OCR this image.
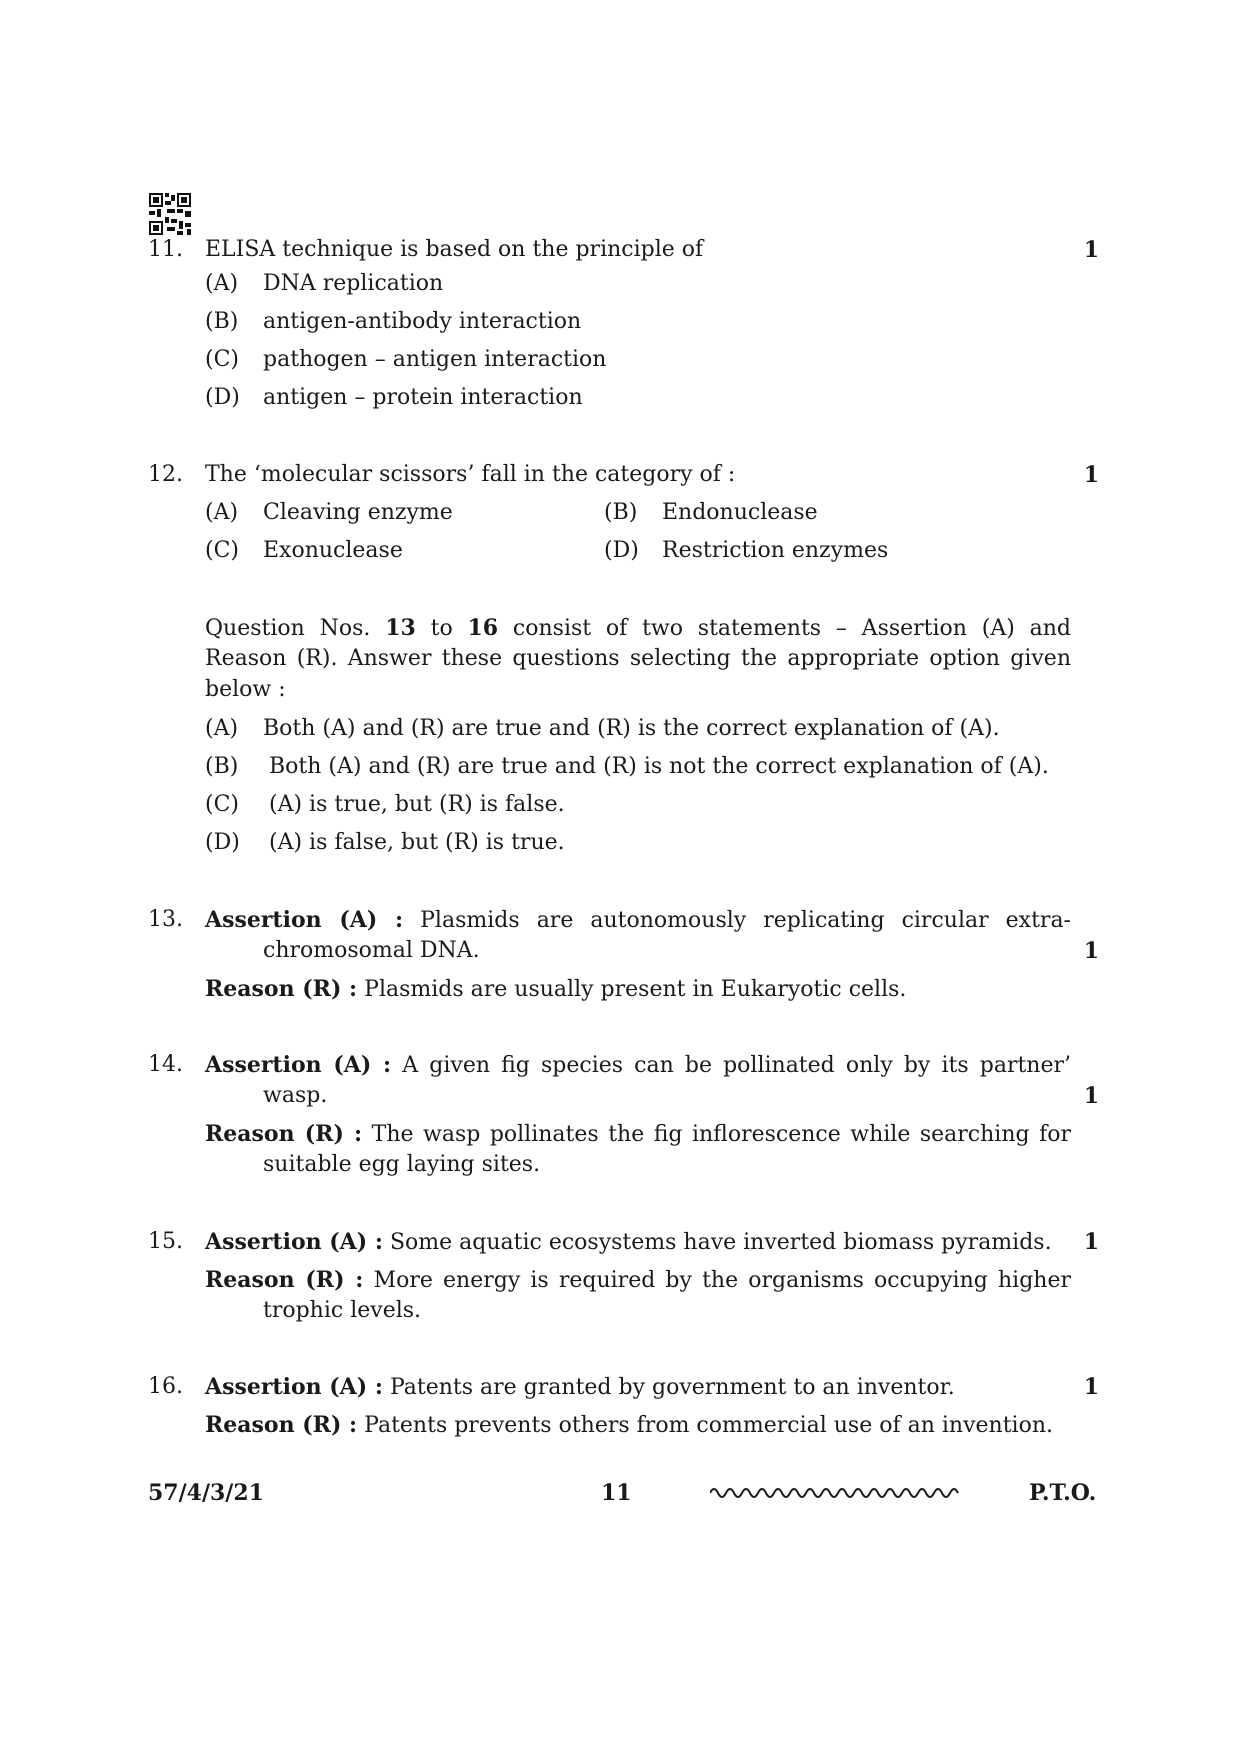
11. ELISA technique is based on the principle of	1
(A) DNA replication
(B) antigen-antibody interaction
(C) pathogen – antigen interaction
(D) antigen – protein interaction
12. The ‘molecular scissors’ fall in the category of :	1
(A) Cleaving enzyme	(B) Endonuclease
(C) Exonuclease	(D) Restriction enzymes
Question Nos. 13 to 16 consist of two statements – Assertion (A) and
Reason (R). Answer these questions selecting the appropriate option given
below :
(A) Both (A) and (R) are true and (R) is the correct explanation of (A).
(B) Both (A) and (R) are true and (R) is not the correct explanation of (A).
(C) (A) is true, but (R) is false.
(D) (A) is false, but (R) is true.
13. Assertion (A) : Plasmids are autonomously replicating circular extra-
chromosomal DNA.	1
Reason (R) : Plasmids are usually present in Eukaryotic cells.
14. Assertion (A) : A given fig species can be pollinated only by its partner’
wasp.	1
Reason (R) : The wasp pollinates the fig inflorescence while searching for
suitable egg laying sites.
15. Assertion (A) : Some aquatic ecosystems have inverted biomass pyramids. 1
Reason (R) : More energy is required by the organisms occupying higher
trophic levels.
16. Assertion (A) : Patents are granted by government to an inventor.	1
Reason (R) : Patents prevents others from commercial use of an invention.
57/4/3/21	11	P.T.O.
